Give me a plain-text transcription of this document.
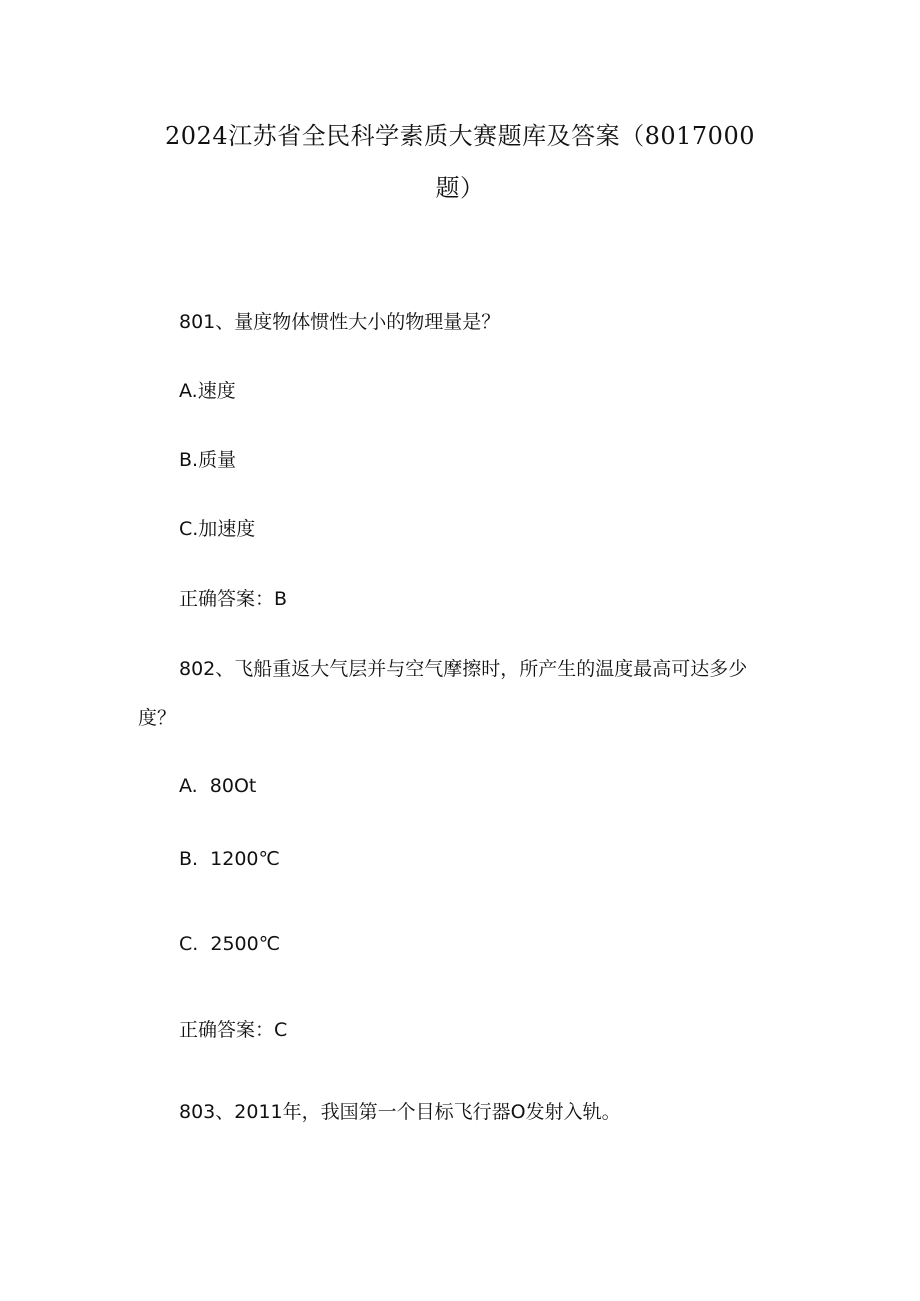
2024江苏省全民科学素质大赛题库及答案（8017000
题）
801、量度物体惯性大小的物理量是？
A.速度
B.质量
C.加速度
正确答案：B
802、飞船重返大气层并与空气摩擦时，所产生的温度最高可达多少
度？
A.  80Ot
B.  1200℃
C.  2500℃
正确答案：C
803、2011年，我国第一个目标飞行器O发射入轨。
